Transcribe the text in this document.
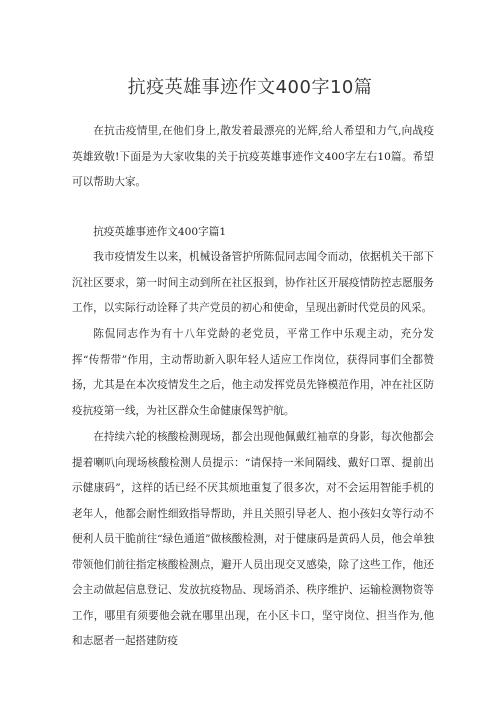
抗疫英雄事迹作文400字10篇

在抗击疫情里,在他们身上,散发着最漂亮的光辉,给人希望和力气,向战疫英雄致敬!下面是为大家收集的关于抗疫英雄事迹作文400字左右10篇。希望可以帮助大家。

抗疫英雄事迹作文400字篇1

我市疫情发生以来，机械设备管护所陈侃同志闻令而动，依据机关干部下沉社区要求，第一时间主动到所在社区报到，协作社区开展疫情防控志愿服务工作，以实际行动诠释了共产党员的初心和使命，呈现出新时代党员的风采。

陈侃同志作为有十八年党龄的老党员，平常工作中乐观主动，充分发挥“传帮带”作用，主动帮助新入职年轻人适应工作岗位，获得同事们全都赞扬，尤其是在本次疫情发生之后，他主动发挥党员先锋模范作用，冲在社区防疫抗疫第一线，为社区群众生命健康保驾护航。

在持续六轮的核酸检测现场，都会出现他佩戴红袖章的身影，每次他都会提着喇叭向现场核酸检测人员提示：“请保持一米间隔线、戴好口罩、提前出示健康码”，这样的话已经不厌其烦地重复了很多次，对不会运用智能手机的老年人，他都会耐性细致指导帮助，并且关照引导老人、抱小孩妇女等行动不便利人员干脆前往“绿色通道”做核酸检测，对于健康码是黄码人员，他会单独带领他们前往指定核酸检测点，避开人员出现交叉感染，除了这些工作，他还会主动做起信息登记、发放抗疫物品、现场消杀、秩序维护、运输检测物资等工作，哪里有须要他会就在哪里出现，在小区卡口，坚守岗位、担当作为,他和志愿者一起搭建防疫
